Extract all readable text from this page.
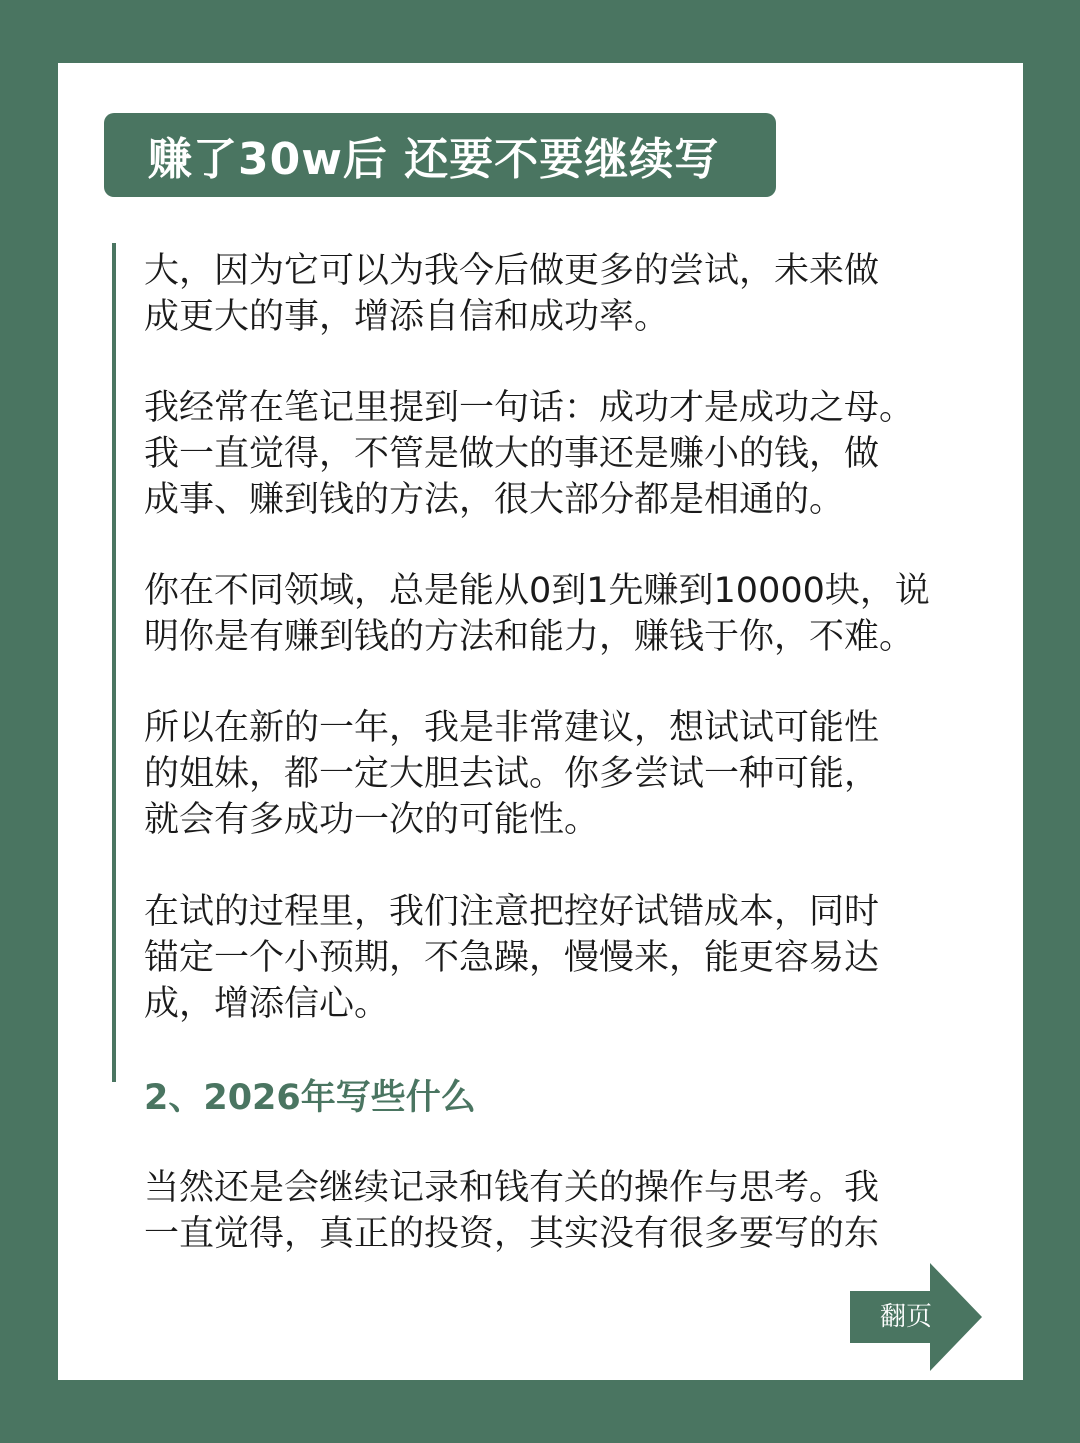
赚了30w后 还要不要继续写

大，因为它可以为我今后做更多的尝试，未来做
成更大的事，增添自信和成功率。

我经常在笔记里提到一句话：成功才是成功之母。
我一直觉得，不管是做大的事还是赚小的钱，做
成事、赚到钱的方法，很大部分都是相通的。

你在不同领域，总是能从0到1先赚到10000块，说
明你是有赚到钱的方法和能力，赚钱于你，不难。

所以在新的一年，我是非常建议，想试试可能性
的姐妹，都一定大胆去试。你多尝试一种可能，
就会有多成功一次的可能性。

在试的过程里，我们注意把控好试错成本，同时
锚定一个小预期，不急躁，慢慢来，能更容易达
成，增添信心。

2、2026年写些什么

当然还是会继续记录和钱有关的操作与思考。我
一直觉得，真正的投资，其实没有很多要写的东

翻页
